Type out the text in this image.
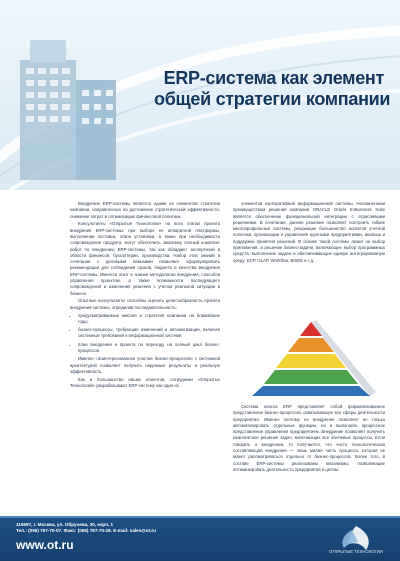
ERP-система как элемент
общей стратегии компании

Внедрение ERP-системы является одним из элементов стратегии компании, направленных на достижение стратегической эффективности, снижение затрат и оптимизацию финансовой политики.

Консультанты «Открытые Технологии» на всех этапах проекта внедрения ERP-системы: при выборе ее аппаратной платформы, выполнении поставок, этапа установки, а также при необходимости сопровождения продукта, могут обеспечить заказчику полный комплекс работ по внедрению ERP-системы, так как обладают экспертизой в области финансов, бухгалтерии, производства. Набор этих знаний в сочетании с деловыми навыками позволяет сформулировать рекомендации для соблюдения сроков, бюджета и качества внедрения ERP-системы. Имеется опыт и знание методологии внедрения, способов управления проектом, а также возможности последующего сопровождения и изменения решения с учетом реальной ситуации в бизнесе.

Опытные консультанты способны оценить целесообразность проекта внедрения системы, определив последовательность:

• предусматриваемые миссия и стратегия компании на ближайшие годы;
• бизнес-процессы, требующие изменений и автоматизации, включая системные требования к информационной системе;
• план внедрения и проекта по переходу на полный цикл бизнес-процессов.

Именно «Заинтересованное участие бизнес-процессов» с системной архитектурой позволяет получить надежные результаты и реальную эффективность.

Как и большинство наших клиентов, сотрудники «Открытых Технологий» разрабатывают ERP-систему как один из

элементов корпоративной информационной системы. Несомненным преимуществом решения компании ORACLE Oracle E-Business Suite является обеспечение функциональной интеграции с отраслевыми решениями. В сочетании, данное решение позволяет построить гибкие многопрофильные системы, решающие большинство аспектов учетной политики, организации и управления крупными предприятиями, анализа и поддержки принятия решений. В основе такой системы лежит не выбор приложения, а решение бизнес-задачи, включающее выбор программных средств, выполнение задачи и обеспечивающих единую интегрированную среду: ЕСР, OLAP, Workflow, BISEE и т.д.

Система класса ERP представляет собой формализованное представление бизнес-процессов, охватывающее все сферы деятельности предприятия. Именно поэтому ее внедрение позволяет не только автоматизировать отдельные функции, но и выполнить процессное представление управления предприятием. Внедрение позволяет получить комплексное решение задач, включающих все ключевые процессы. Если говорить о внедрении, то получается, что чисто технологическая составляющая внедрения — лишь малая часть процесса, которая не может рассматриваться отдельно от бизнес-процессов. Более того, в составе ERP-системы реализованы механизмы, позволяющие оптимизировать деятельность предприятия в целом.

119997, г. Москва, ул. Обручева, 30, корп. 1
Тел.: (095) 787-70-07. Факс: (095) 787-70-28. E-mail: sales@ot.ru
www.ot.ru	ОТКРЫТЫЕ ТЕХНОЛОГИИ
